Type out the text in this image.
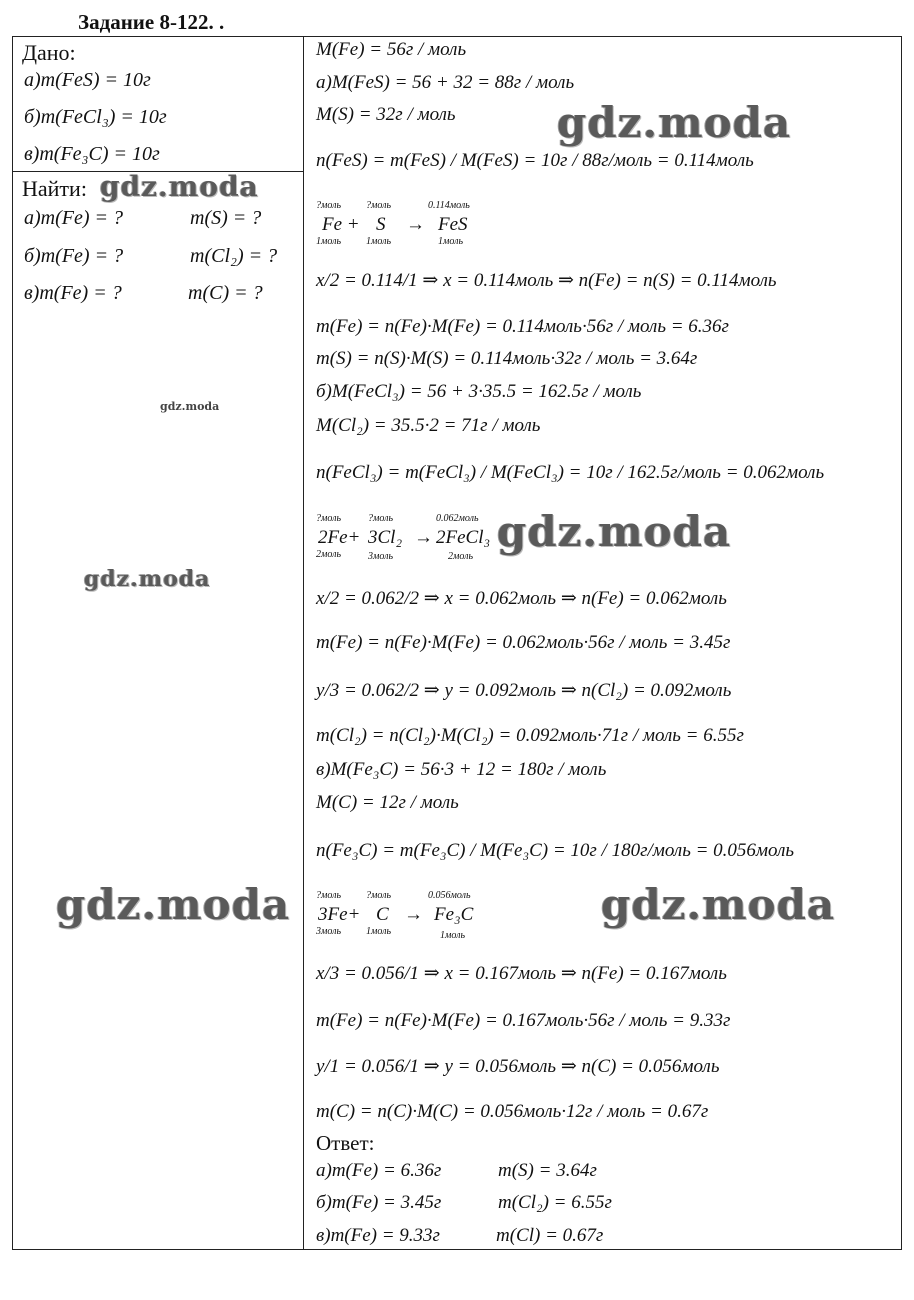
Задание 8-122. .
Дано:
а)m(FeS) = 10г
б)m(FeCl₃) = 10г
в)m(Fe₃C) = 10г
Найти:
а)m(Fe) = ?	m(S) = ?
б)m(Fe) = ?	m(Cl₂) = ?
в)m(Fe) = ?	m(C) = ?
M(Fe) = 56г / моль
а)M(FeS) = 56 + 32 = 88г / моль
M(S) = 32г / моль
n(FeS) = m(FeS) / M(FeS) = 10г / 88г/моль = 0.114моль
?моль ?моль	0.114моль
Fe + S → FeS
1моль 1моль	1моль
x/2 = 0.114/1 ⇒ x = 0.114моль ⇒ n(Fe) = n(S) = 0.114моль
m(Fe) = n(Fe)·M(Fe) = 0.114моль·56г / моль = 6.36г
m(S) = n(S)·M(S) = 0.114моль·32г / моль = 3.64г
б)M(FeCl₃) = 56 + 3·35.5 = 162.5г / моль
M(Cl₂) = 35.5·2 = 71г / моль
n(FeCl₃) = m(FeCl₃) / M(FeCl₃) = 10г / 162.5г/моль = 0.062моль
?моль	?моль	0.062моль
2Fe+ 3Cl₂ → 2FeCl₃
2моль	3моль	2моль
x/2 = 0.062/2 ⇒ x = 0.062моль ⇒ n(Fe) = 0.062моль
m(Fe) = n(Fe)·M(Fe) = 0.062моль·56г / моль = 3.45г
y/3 = 0.062/2 ⇒ y = 0.092моль ⇒ n(Cl₂) = 0.092моль
m(Cl₂) = n(Cl₂)·M(Cl₂) = 0.092моль·71г / моль = 6.55г
в)M(Fe₃C) = 56·3 + 12 = 180г / моль
M(C) = 12г / моль
n(Fe₃C) = m(Fe₃C) / M(Fe₃C) = 10г / 180г/моль = 0.056моль
?моль ?моль	0.056моль
3Fe+ C → Fe₃C
3моль 1моль	1моль
x/3 = 0.056/1 ⇒ x = 0.167моль ⇒ n(Fe) = 0.167моль
m(Fe) = n(Fe)·M(Fe) = 0.167моль·56г / моль = 9.33г
y/1 = 0.056/1 ⇒ y = 0.056моль ⇒ n(C) = 0.056моль
m(C) = n(C)·M(C) = 0.056моль·12г / моль = 0.67г
Ответ:
а)m(Fe) = 6.36г	m(S) = 3.64г
б)m(Fe) = 3.45г	m(Cl₂) = 6.55г
в)m(Fe) = 9.33г	m(Cl) = 0.67г
gdz.moda
gdz.moda
gdz.moda
gdz.moda
gdz.moda
gdz.moda	gdz.moda
